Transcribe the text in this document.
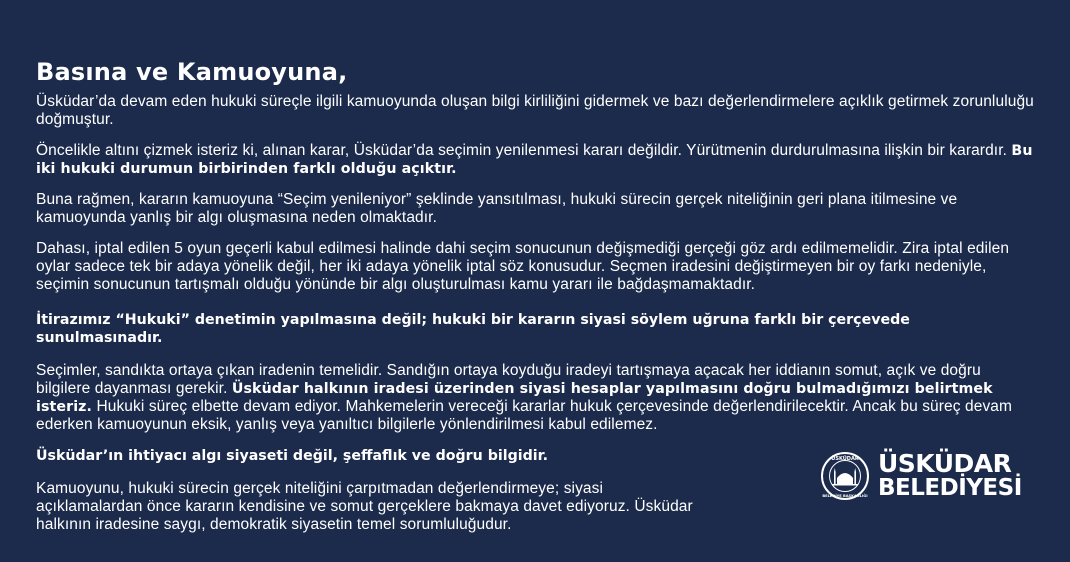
Basına ve Kamuoyuna,

Üsküdar’da devam eden hukuki süreçle ilgili kamuoyunda oluşan bilgi kirliliğini gidermek ve bazı değerlendirmelere açıklık getirmek zorunluluğu doğmuştur.

Öncelikle altını çizmek isteriz ki, alınan karar, Üsküdar’da seçimin yenilenmesi kararı değildir. Yürütmenin durdurulmasına ilişkin bir karardır. Bu iki hukuki durumun birbirinden farklı olduğu açıktır.

Buna rağmen, kararın kamuoyuna “Seçim yenileniyor” şeklinde yansıtılması, hukuki sürecin gerçek niteliğinin geri plana itilmesine ve kamuoyunda yanlış bir algı oluşmasına neden olmaktadır.

Dahası, iptal edilen 5 oyun geçerli kabul edilmesi halinde dahi seçim sonucunun değişmediği gerçeği göz ardı edilmemelidir. Zira iptal edilen oylar sadece tek bir adaya yönelik değil, her iki adaya yönelik iptal söz konusudur. Seçmen iradesini değiştirmeyen bir oy farkı nedeniyle, seçimin sonucunun tartışmalı olduğu yönünde bir algı oluşturulması kamu yararı ile bağdaşmamaktadır.

İtirazımız “Hukuki” denetimin yapılmasına değil; hukuki bir kararın siyasi söylem uğruna farklı bir çerçevede sunulmasınadır.

Seçimler, sandıkta ortaya çıkan iradenin temelidir. Sandığın ortaya koyduğu iradeyi tartışmaya açacak her iddianın somut, açık ve doğru bilgilere dayanması gerekir. Üsküdar halkının iradesi üzerinden siyasi hesaplar yapılmasını doğru bulmadığımızı belirtmek isteriz. Hukuki süreç elbette devam ediyor. Mahkemelerin vereceği kararlar hukuk çerçevesinde değerlendirilecektir. Ancak bu süreç devam ederken kamuoyunun eksik, yanlış veya yanıltıcı bilgilerle yönlendirilmesi kabul edilemez.

Üsküdar’ın ihtiyacı algı siyaseti değil, şeffaflık ve doğru bilgidir.

Kamuoyunu, hukuki sürecin gerçek niteliğini çarpıtmadan değerlendirmeye; siyasi açıklamalardan önce kararın kendisine ve somut gerçeklere bakmaya davet ediyoruz. Üsküdar halkının iradesine saygı, demokratik siyasetin temel sorumluluğudur.

ÜSKÜDAR
BELEDİYE BAŞKANLIĞI
ÜSKÜDAR
BELEDİYESİ
